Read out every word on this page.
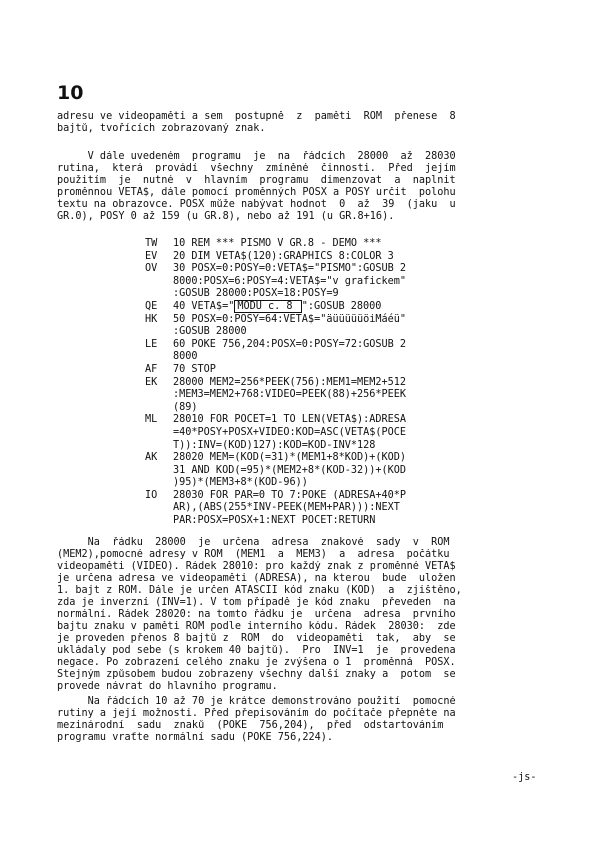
10
adresu ve videopaměti a sem  postupně  z  paměti  ROM  přenese  8
bajtů, tvořících zobrazovaný znak.
V dále uvedeném  programu  je  na  řádcích  28000  až  28030
rutina,  která  provádí  všechny  zmíněné  činnosti.  Před  jejím
použitím  je  nutné  v  hlavním  programu  dimenzovat  a  naplnit
proměnnou VETA$, dále pomocí proměnných POSX a POSY určit  polohu
textu na obrazovce. POSX může nabývat hodnot  0  až  39  (jaku  u
GR.0), POSY 0 až 159 (u GR.8), nebo až 191 (u GR.8+16).
TW	10 REM *** PISMO V GR.8 - DEMO ***
EV	20 DIM VETA$(120):GRAPHICS 8:COLOR 3
OV	30 POSX=0:POSY=0:VETA$="PISMO":GOSUB 2
8000:POSX=6:POSY=4:VETA$="v grafickem"
:GOSUB 28000:POSX=18:POSY=9
QE	40 VETA$=" MODU c. 8 ":GOSUB 28000
HK	50 POSX=0:POSY=64:VETA$="äüüüüüöiMáéü"
:GOSUB 28000
LE	60 POKE 756,204:POSX=0:POSY=72:GOSUB 2
8000
AF	70 STOP
EK	28000 MEM2=256*PEEK(756):MEM1=MEM2+512
:MEM3=MEM2+768:VIDEO=PEEK(88)+256*PEEK
(89)
ML	28010 FOR POCET=1 TO LEN(VETA$):ADRESA
=40*POSY+POSX+VIDEO:KOD=ASC(VETA$(POCE
T)):INV=(KOD)127):KOD=KOD-INV*128
AK	28020 MEM=(KOD(=31)*(MEM1+8*KOD)+(KOD)
31 AND KOD(=95)*(MEM2+8*(KOD-32))+(KOD
)95)*(MEM3+8*(KOD-96))
IO	28030 FOR PAR=0 TO 7:POKE (ADRESA+40*P
AR),(ABS(255*INV-PEEK(MEM+PAR))):NEXT
PAR:POSX=POSX+1:NEXT POCET:RETURN
Na  řádku  28000  je  určena  adresa  znakové  sady  v  ROM
(MEM2),pomocné adresy v ROM  (MEM1  a  MEM3)  a  adresa  počátku
videopaměti (VIDEO). Řádek 28010: pro každý znak z proměnné VETA$
je určena adresa ve videopaměti (ADRESA), na kterou  bude  uložen
1. bajt z ROM. Dále je určen ATASCII kód znaku (KOD)  a  zjištěno,
zda je inverzní (INV=1). V tom případě je kód znaku  převeden  na
normální. Řádek 28020: na tomto řádku je  určena  adresa  prvního
bajtu znaku v paměti ROM podle interního kódu. Řádek  28030:  zde
je proveden přenos 8 bajtů z  ROM  do  videopaměti  tak,  aby  se
ukládaly pod sebe (s krokem 40 bajtů).  Pro  INV=1  je  provedena
negace. Po zobrazení celého znaku je zvýšena o 1  proměnná  POSX.
Stejným způsobem budou zobrazeny všechny další znaky a  potom  se
provede návrat do hlavního programu.
Na řádcích 10 až 70 je krátce demonstrováno použití  pomocné
rutiny a její možnosti. Před přepisováním do počítače přepněte na
mezinárodní  sadu  znaků  (POKE  756,204),  před  odstartováním
programu vraťte normální sadu (POKE 756,224).
-js-
